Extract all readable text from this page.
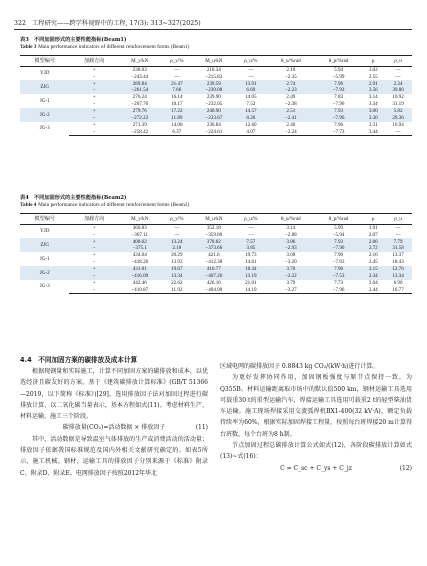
322 工程研究——跨学科视野中的工程, 17(3): 313~327(2025)
表3　不同加固形式的主要性能指标(Beam1)
Table 3 Main performance indicators of different reinforcement forms (Beam1)
模型编号	加载方向	M_y/kN	ρ_y/%	M_u/kN	ρ_u/%	θ_u/%rad	θ_p/%rad	μ	ρ_u
YJD	+	238.03	—	210.34	—	2.10	5.94	3.02	—
	−	−243.44	—	−215.83	—	−2.35	−5.99	2.55	—
ZJG	+	289.84	21.47	239.59	13.91	2.74	7.96	2.91	2.34
	−	−261.54	7.66	−230.08	6.60	−2.23	−7.93	3.56	39.80
JG-1	+	276.24	16.14	239.90	14.05	2.49	7.83	3.14	10.92
	−	−267.76	10.17	−232.05	7.52	−2.38	−7.96	3.34	31.19
JG-2	+	279.76	17.22	240.90	14.57	2.51	7.93	3.00	5.82
	−	−272.22	11.89	−233.67	8.26	−2.41	−7.96	3.30	29.36
JG-3	+	271.39	14.08	236.84	12.60	2.40	7.96	3.31	16.94
	−	−258.42	6.37	−224.61	4.07	−2.24	−7.73	3.44	—
表4　不同加固形式的主要性能指标(Beam2)
Table 4 Main performance indicators of different reinforcement forms (Beam2)
模型编号	加载方向	M_y/kN	ρ_y/%	M_u/kN	ρ_u/%	θ_u/%rad	θ_p/%rad	μ	ρ_u
YJD	+	360.83	—	352.18	—	3.14	5.99	1.91	—
	−	−367.11	—	−359.80	—	−2.88	−5.94	2.07	—
ZJG	+	408.62	13.24	378.82	7.57	3.86	7.93	2.06	7.79
	−	−375.1	2.18	−373.66	3.85	−2.93	−7.96	2.72	31.58
JG-1	+	434.04	20.29	421.6	19.73	3.68	7.96	2.16	13.37
	−	−418.26	13.93	−412.38	14.61	−3.20	−7.83	2.45	18.43
JG-2	+	431.81	19.67	416.77	18.34	3.70	7.96	2.15	12.76
	−	−416.09	13.34	−407.26	13.19	−3.22	−7.53	2.34	13.34
JG-3	+	442.46	22.62	426.16	21.01	3.79	7.73	2.04	6.90
	−	−410.87	11.92	−404.90	14.19	−3.27	−7.96	2.44	10.77
4.4　不同加固方案的碳排放及成本计算

根据现钢量和实际施工，计算不同加固方案的碳排放和成本，以优选经济且碳友好的方案。基于《建筑碳排放计算标准》(GB/T 51366—2019，以下简称《标准》)[29]，选用排放因子法对加固过程进行碳排放计算，以二氧化碳当量表示，基本方程如式(11)。考虑材料生产、材料运输、施工三个阶段。

碳排放量(CO₂)=活动数据 × 排放因子	(11)

其中，活动数据是导致温室气体排放的生产或消费活动的活动量；排放因子依据我国标准规范及国内外相关文献研究确定的。如表5所示，施工机械、钢材、运输工具的排放因子分别来源于《标准》附录C、附录D、附录E。电网排放因子按照2012年华北

区域电网的碳排放因子 0.8843 kg CO₂/(kW·h)进行计算。

为更好发挥协同作用，加固钢板强度与原节点保持一致，为Q355B。材料运输距离取市场中的默认值500 km，钢材运输工具选用可载重30 t的重型运输汽车，焊接运输工具选用可载重2 t的轻型柴油货车运输。施工现场焊接采用交流弧焊机BX1-400(32 kV·A)，额定负载持续率为60%，根据实际加固焊接工程量，按照每台班焊接20 m计算得台班数，每个台班为8 h制。

节点加固过程总碳排放计算公式如式(12)，各阶段碳排放计算如式(13)~式(16)：

C = C_sc + C_ys + C_jz	(12)
